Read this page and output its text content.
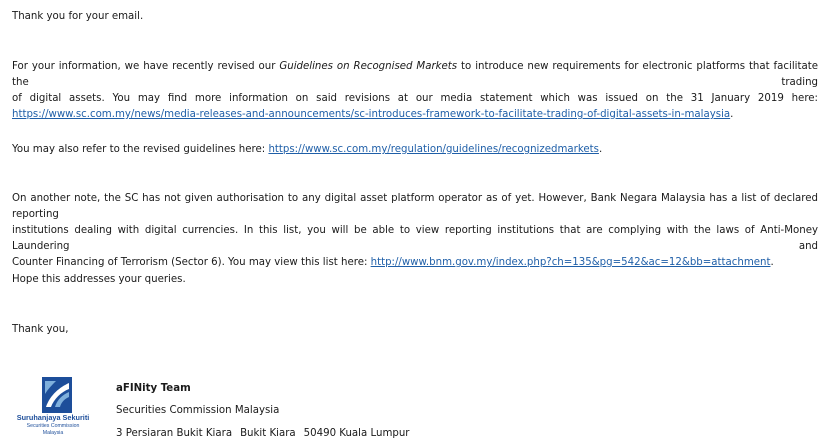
Thank you for your email.

For your information, we have recently revised our Guidelines on Recognised Markets to introduce new requirements for electronic platforms that facilitate the trading
of digital assets. You may find more information on said revisions at our media statement which was issued on the 31 January 2019 here:
https://www.sc.com.my/news/media-releases-and-announcements/sc-introduces-framework-to-facilitate-trading-of-digital-assets-in-malaysia.
You may also refer to the revised guidelines here: https://www.sc.com.my/regulation/guidelines/recognizedmarkets.
On another note, the SC has not given authorisation to any digital asset platform operator as of yet. However, Bank Negara Malaysia has a list of declared reporting
institutions dealing with digital currencies. In this list, you will be able to view reporting institutions that are complying with the laws of Anti-Money Laundering and
Counter Financing of Terrorism (Sector 6). You may view this list here: http://www.bnm.gov.my/index.php?ch=135&pg=542&ac=12&bb=attachment.

Hope this addresses your queries.

Thank you,

Suruhanjaya Sekuriti
Securities Commission
Malaysia

aFINity Team

Securities Commission Malaysia

3 Persiaran Bukit Kiara Bukit Kiara 50490 Kuala Lumpur
